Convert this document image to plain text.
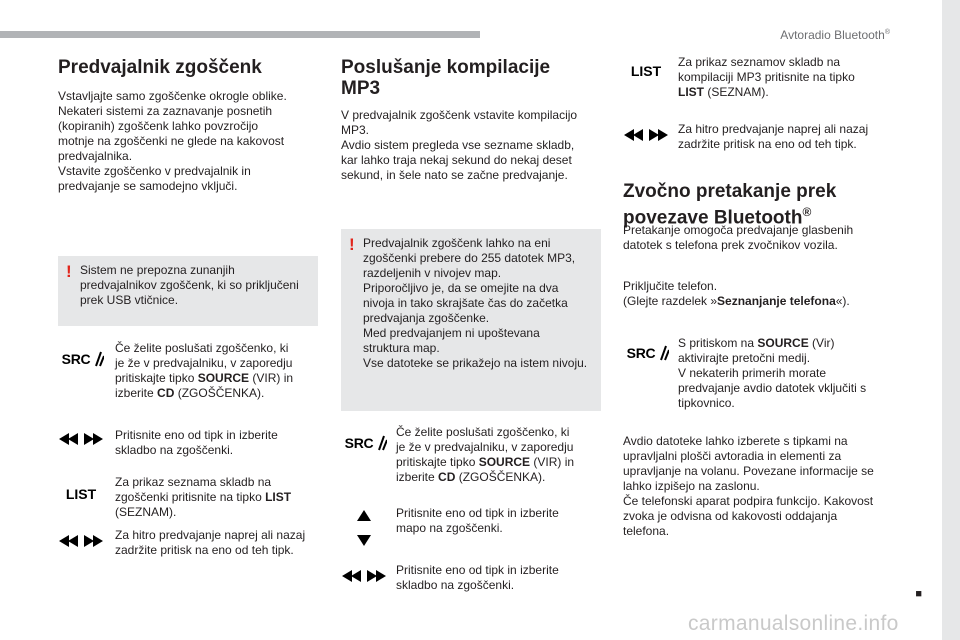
Avtoradio Bluetooth®
■
carmanualsonline.info
Predvajalnik zgoščenk
Vstavljajte samo zgoščenke okrogle oblike.
Nekateri sistemi za zaznavanje posnetih
(kopiranih) zgoščenk lahko povzročijo
motnje na zgoščenki ne glede na kakovost
predvajalnika.
Vstavite zgoščenko v predvajalnik in
predvajanje se samodejno vključi.
! Sistem ne prepozna zunanjih
predvajalnikov zgoščenk, ki so priključeni
prek USB vtičnice.
SRC
Če želite poslušati zgoščenko, ki
je že v predvajalniku, v zaporedju
pritiskajte tipko SOURCE (VIR) in
izberite CD (ZGOŠČENKA).
Pritisnite eno od tipk in izberite
skladbo na zgoščenki.
LIST
Za prikaz seznama skladb na
zgoščenki pritisnite na tipko LIST
(SEZNAM).
Za hitro predvajanje naprej ali nazaj
zadržite pritisk na eno od teh tipk.
Poslušanje kompilacije
MP3
V predvajalnik zgoščenk vstavite kompilacijo
MP3.
Avdio sistem pregleda vse sezname skladb,
kar lahko traja nekaj sekund do nekaj deset
sekund, in šele nato se začne predvajanje.
! Predvajalnik zgoščenk lahko na eni
zgoščenki prebere do 255 datotek MP3,
razdeljenih v nivojev map.
Priporočljivo je, da se omejite na dva
nivoja in tako skrajšate čas do začetka
predvajanja zgoščenke.
Med predvajanjem ni upoštevana
struktura map.
Vse datoteke se prikažejo na istem nivoju.
SRC
Če želite poslušati zgoščenko, ki
je že v predvajalniku, v zaporedju
pritiskajte tipko SOURCE (VIR) in
izberite CD (ZGOŠČENKA).
Pritisnite eno od tipk in izberite
mapo na zgoščenki.
Pritisnite eno od tipk in izberite
skladbo na zgoščenki.
LIST
Za prikaz seznamov skladb na
kompilaciji MP3 pritisnite na tipko
LIST (SEZNAM).
Za hitro predvajanje naprej ali nazaj
zadržite pritisk na eno od teh tipk.
Zvočno pretakanje prek
povezave Bluetooth®
Pretakanje omogoča predvajanje glasbenih
datotek s telefona prek zvočnikov vozila.
Priključite telefon.
(Glejte razdelek »Seznanjanje telefona«).
SRC
S pritiskom na SOURCE (Vir)
aktivirajte pretočni medij.
V nekaterih primerih morate
predvajanje avdio datotek vključiti s
tipkovnico.
Avdio datoteke lahko izberete s tipkami na
upravljalni plošči avtoradia in elementi za
upravljanje na volanu. Povezane informacije se
lahko izpišejo na zaslonu.
Če telefonski aparat podpira funkcijo. Kakovost
zvoka je odvisna od kakovosti oddajanja
telefona.
